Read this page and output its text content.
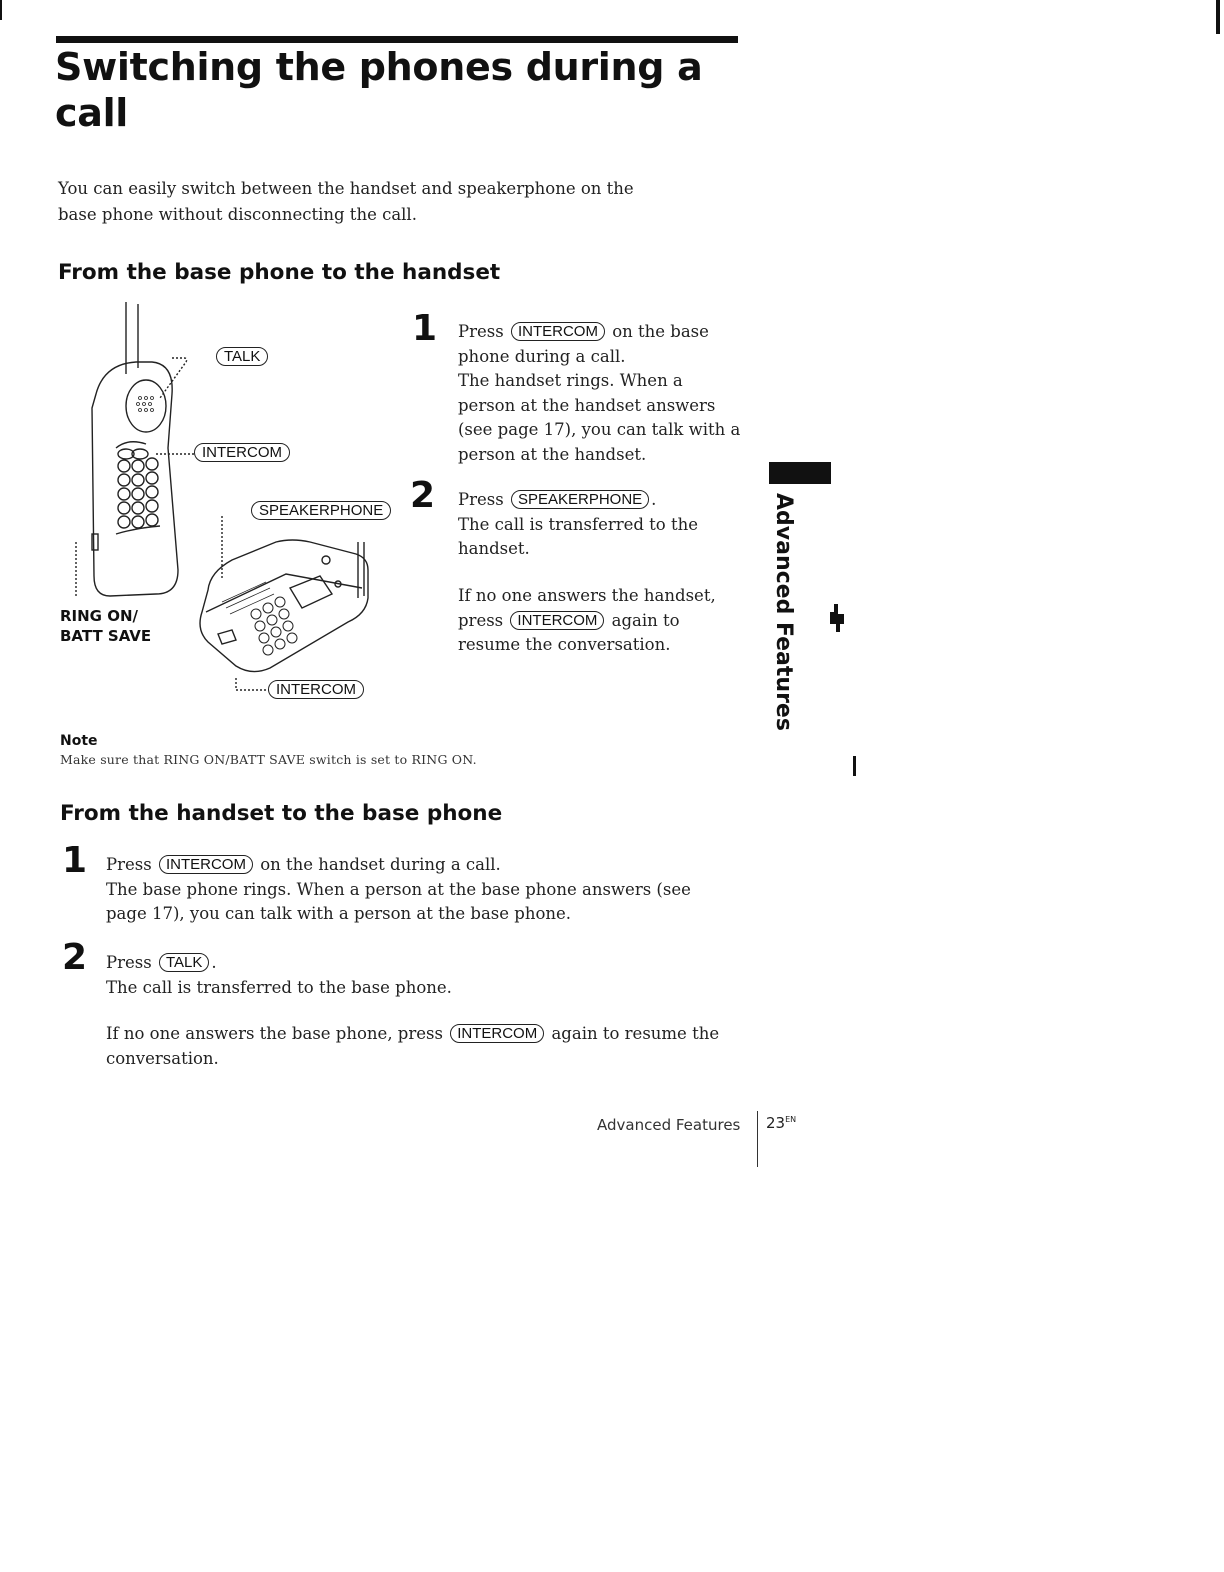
Switching the phones during a call
You can easily switch between the handset and speakerphone on the base phone without disconnecting the call.
From the base phone to the handset
TALK
INTERCOM
SPEAKERPHONE
INTERCOM
RING ON/
BATT SAVE
1 Press INTERCOM on the base phone during a call.
The handset rings. When a person at the handset answers (see page 17), you can talk with a person at the handset.
2 Press SPEAKERPHONE .
The call is transferred to the handset.
If no one answers the handset, press INTERCOM again to resume the conversation.
Note
Make sure that RING ON/BATT SAVE switch is set to RING ON.
Advanced Features
From the handset to the base phone
1 Press INTERCOM on the handset during a call.
The base phone rings. When a person at the base phone answers (see page 17), you can talk with a person at the base phone.
2 Press TALK .
The call is transferred to the base phone.
If no one answers the base phone, press INTERCOM again to resume the conversation.
Advanced Features $23^{EN}$
